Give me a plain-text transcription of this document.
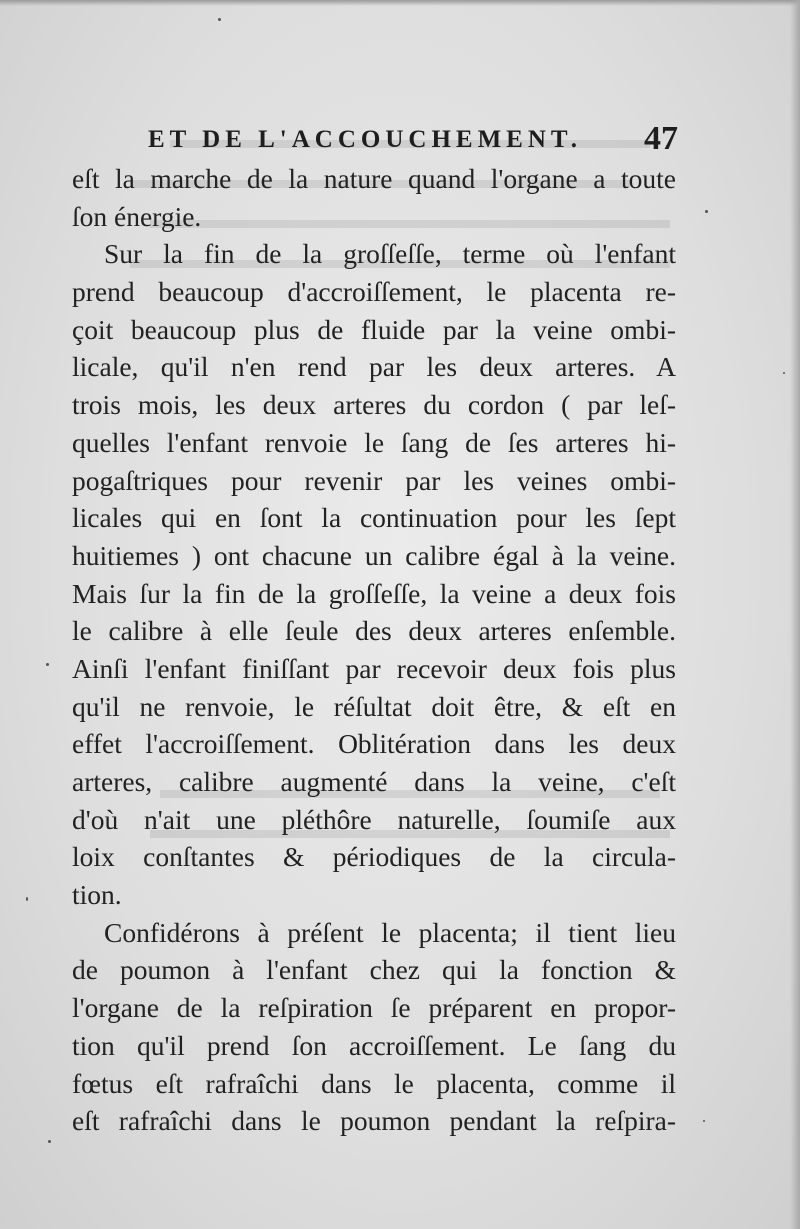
ET DE L'ACCOUCHEMENT. 47
eſt la marche de la nature quand l'organe a toute
ſon énergie.
Sur la fin de la groſſeſſe, terme où l'enfant
prend beaucoup d'accroiſſement, le placenta re-
çoit beaucoup plus de fluide par la veine ombi-
licale, qu'il n'en rend par les deux arteres. A
trois mois, les deux arteres du cordon ( par leſ-
quelles l'enfant renvoie le ſang de ſes arteres hi-
pogaſtriques pour revenir par les veines ombi-
licales qui en ſont la continuation pour les ſept
huitiemes ) ont chacune un calibre égal à la veine.
Mais ſur la fin de la groſſeſſe, la veine a deux fois
le calibre à elle ſeule des deux arteres enſemble.
Ainſi l'enfant finiſſant par recevoir deux fois plus
qu'il ne renvoie, le réſultat doit être, & eſt en
effet l'accroiſſement. Oblitération dans les deux
arteres, calibre augmenté dans la veine, c'eſt
d'où n'ait une pléthôre naturelle, ſoumiſe aux
loix conſtantes & périodiques de la circula-
tion.
Confidérons à préſent le placenta; il tient lieu
de poumon à l'enfant chez qui la fonction &
l'organe de la reſpiration ſe préparent en propor-
tion qu'il prend ſon accroiſſement. Le ſang du
fœtus eſt rafraîchi dans le placenta, comme il
eſt rafraîchi dans le poumon pendant la reſpira-
